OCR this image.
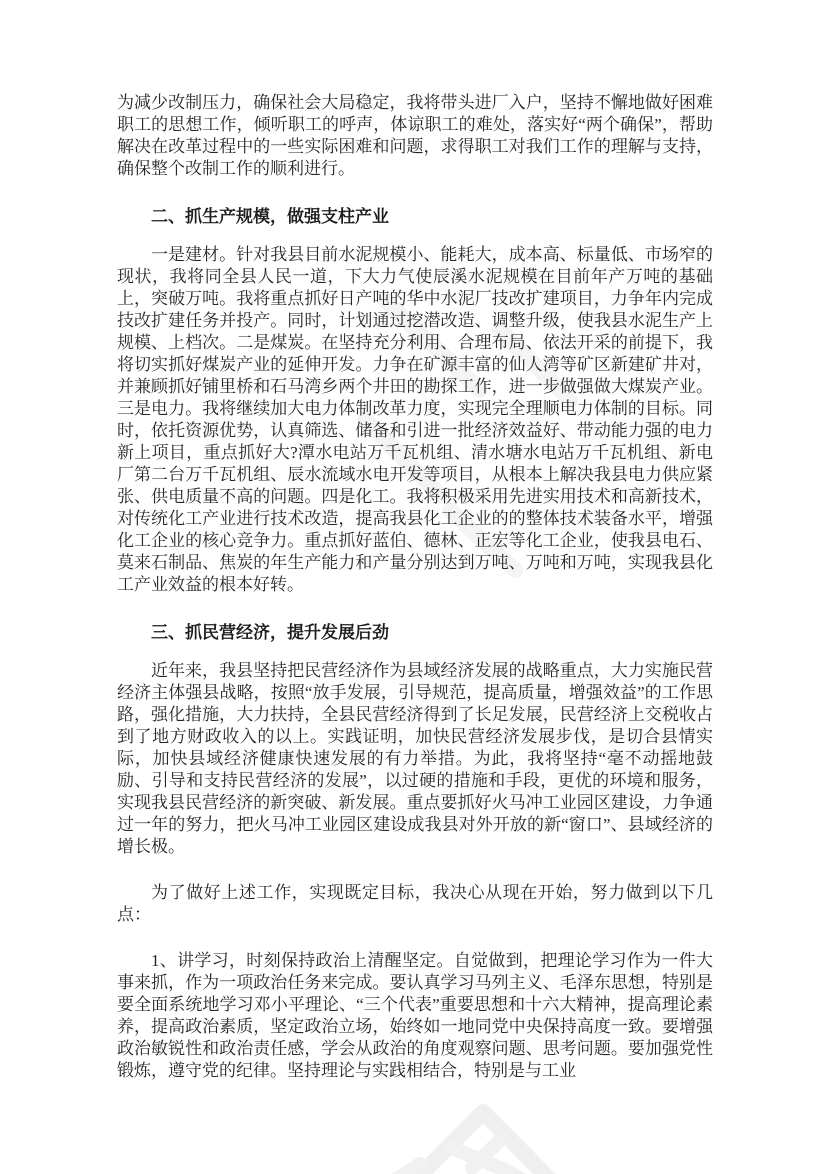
为减少改制压力，确保社会大局稳定，我将带头进厂入户，坚持不懈地做好困难职工的思想工作，倾听职工的呼声，体谅职工的难处，落实好“两个确保”，帮助解决在改革过程中的一些实际困难和问题，求得职工对我们工作的理解与支持，确保整个改制工作的顺利进行。

二、抓生产规模，做强支柱产业

一是建材。针对我县目前水泥规模小、能耗大，成本高、标量低、市场窄的现状，我将同全县人民一道，下大力气使辰溪水泥规模在目前年产万吨的基础上，突破万吨。我将重点抓好日产吨的华中水泥厂技改扩建项目，力争年内完成技改扩建任务并投产。同时，计划通过挖潜改造、调整升级，使我县水泥生产上规模、上档次。二是煤炭。在坚持充分利用、合理布局、依法开采的前提下，我将切实抓好煤炭产业的延伸开发。力争在矿源丰富的仙人湾等矿区新建矿井对，并兼顾抓好铺里桥和石马湾乡两个井田的勘探工作，进一步做强做大煤炭产业。三是电力。我将继续加大电力体制改革力度，实现完全理顺电力体制的目标。同时，依托资源优势，认真筛选、储备和引进一批经济效益好、带动能力强的电力新上项目，重点抓好大?潭水电站万千瓦机组、清水塘水电站万千瓦机组、新电厂第二台万千瓦机组、辰水流域水电开发等项目，从根本上解决我县电力供应紧张、供电质量不高的问题。四是化工。我将积极采用先进实用技术和高新技术，对传统化工产业进行技术改造，提高我县化工企业的的整体技术装备水平，增强化工企业的核心竞争力。重点抓好蓝伯、德林、正宏等化工企业，使我县电石、莫来石制品、焦炭的年生产能力和产量分别达到万吨、万吨和万吨，实现我县化工产业效益的根本好转。

三、抓民营经济，提升发展后劲

近年来，我县坚持把民营经济作为县域经济发展的战略重点，大力实施民营经济主体强县战略，按照“放手发展，引导规范，提高质量，增强效益”的工作思路，强化措施，大力扶持，全县民营经济得到了长足发展，民营经济上交税收占到了地方财政收入的以上。实践证明，加快民营经济发展步伐，是切合县情实际，加快县域经济健康快速发展的有力举措。为此，我将坚持“毫不动摇地鼓励、引导和支持民营经济的发展”，以过硬的措施和手段，更优的环境和服务，实现我县民营经济的新突破、新发展。重点要抓好火马冲工业园区建设，力争通过一年的努力，把火马冲工业园区建设成我县对外开放的新“窗口”、县域经济的增长极。

为了做好上述工作，实现既定目标，我决心从现在开始，努力做到以下几点：

1、讲学习，时刻保持政治上清醒坚定。自觉做到，把理论学习作为一件大事来抓，作为一项政治任务来完成。要认真学习马列主义、毛泽东思想，特别是要全面系统地学习邓小平理论、“三个代表”重要思想和十六大精神，提高理论素养，提高政治素质，坚定政治立场，始终如一地同党中央保持高度一致。要增强政治敏锐性和政治责任感，学会从政治的角度观察问题、思考问题。要加强党性锻炼，遵守党的纪律。坚持理论与实践相结合，特别是与工业
